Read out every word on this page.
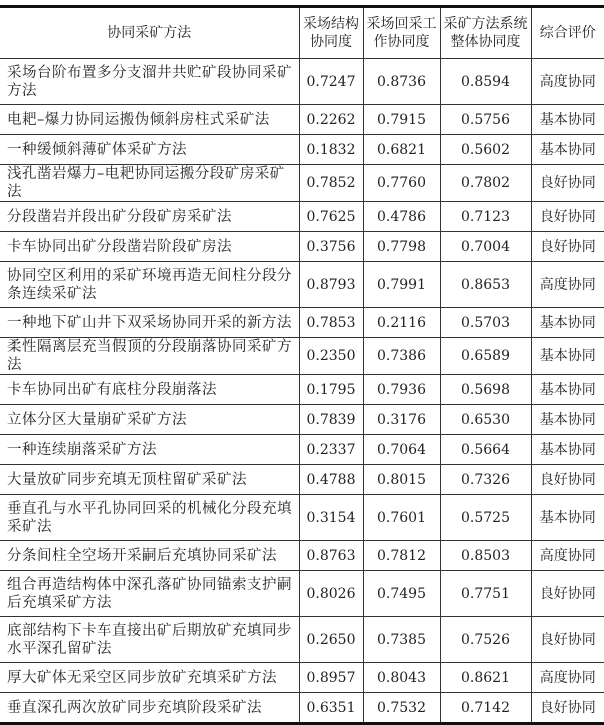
协同采矿方法	采场结构协同度	采场回采工作协同度	采矿方法系统整体协同度	综合评价
采场台阶布置多分支溜井共贮矿段协同采矿方法	0.7247	0.8736	0.8594	高度协同
电耙–爆力协同运搬伪倾斜房柱式采矿法	0.2262	0.7915	0.5756	基本协同
一种缓倾斜薄矿体采矿方法	0.1832	0.6821	0.5602	基本协同
浅孔凿岩爆力–电耙协同运搬分段矿房采矿法	0.7852	0.7760	0.7802	良好协同
分段凿岩并段出矿分段矿房采矿法	0.7625	0.4786	0.7123	良好协同
卡车协同出矿分段凿岩阶段矿房法	0.3756	0.7798	0.7004	良好协同
协同空区利用的采矿环境再造无间柱分段分条连续采矿法	0.8793	0.7991	0.8653	高度协同
一种地下矿山井下双采场协同开采的新方法	0.7853	0.2116	0.5703	基本协同
柔性隔离层充当假顶的分段崩落协同采矿方法	0.2350	0.7386	0.6589	基本协同
卡车协同出矿有底柱分段崩落法	0.1795	0.7936	0.5698	基本协同
立体分区大量崩矿采矿方法	0.7839	0.3176	0.6530	基本协同
一种连续崩落采矿方法	0.2337	0.7064	0.5664	基本协同
大量放矿同步充填无顶柱留矿采矿法	0.4788	0.8015	0.7326	良好协同
垂直孔与水平孔协同回采的机械化分段充填采矿法	0.3154	0.7601	0.5725	基本协同
分条间柱全空场开采嗣后充填协同采矿法	0.8763	0.7812	0.8503	高度协同
组合再造结构体中深孔落矿协同锚索支护嗣后充填采矿方法	0.8026	0.7495	0.7751	良好协同
底部结构下卡车直接出矿后期放矿充填同步水平深孔留矿法	0.2650	0.7385	0.7526	良好协同
厚大矿体无采空区同步放矿充填采矿方法	0.8957	0.8043	0.8621	高度协同
垂直深孔两次放矿同步充填阶段采矿法	0.6351	0.7532	0.7142	良好协同
